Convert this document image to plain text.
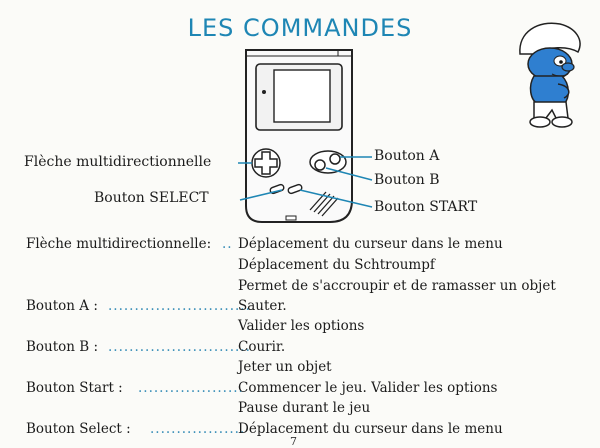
LES COMMANDES
Flèche multidirectionnelle
Bouton SELECT
Bouton A
Bouton B
Bouton START
Flèche multidirectionnelle: .. Déplacement du curseur dans le menu
Déplacement du Schtroumpf
Permet de s'accroupir et de ramasser un objet
Bouton A : ...........................
Sauter.
Valider les options
Bouton B : ...........................
Courir.
Jeter un objet
Bouton Start : ....................
Commencer le jeu. Valider les options
Pause durant le jeu
Bouton Select : ..................
Déplacement du curseur dans le menu
7
